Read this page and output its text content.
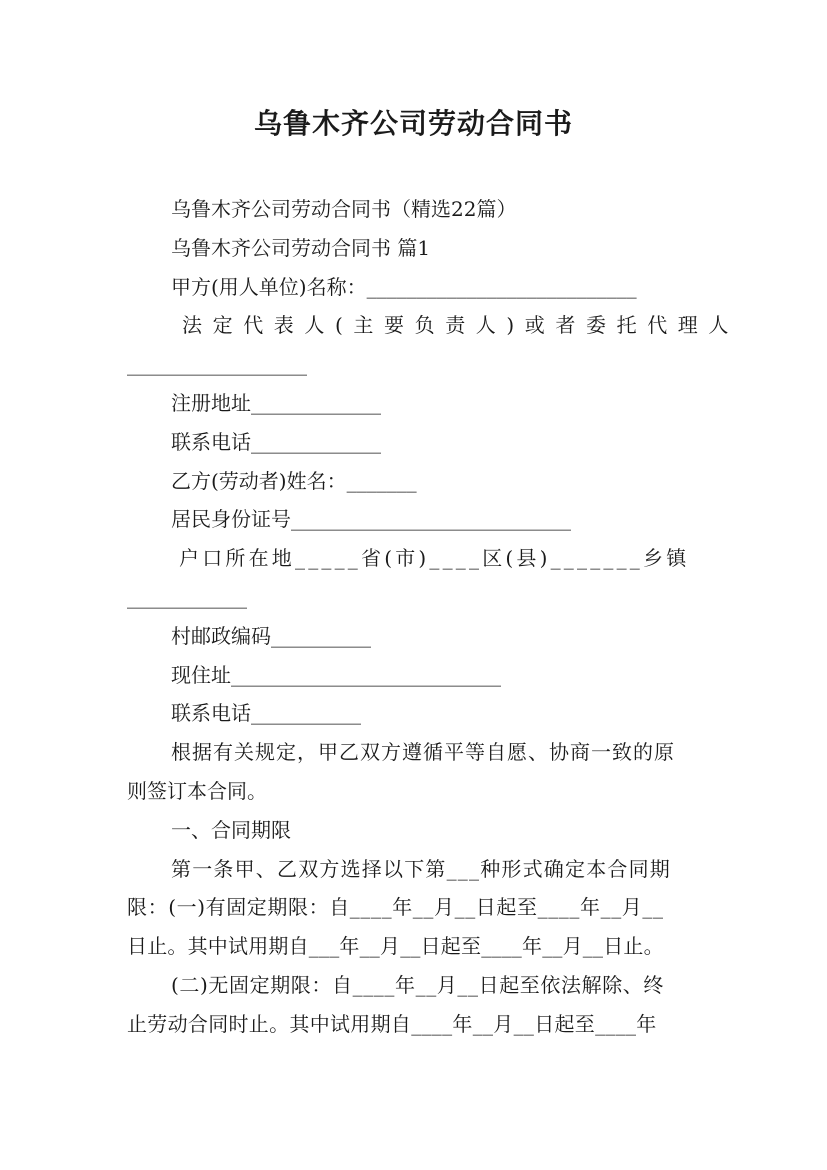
乌鲁木齐公司劳动合同书
乌鲁木齐公司劳动合同书（精选22篇）
乌鲁木齐公司劳动合同书 篇1
甲方(用人单位)名称：___________________________
法定代表人(主要负责人)或者委托代理人
__________________
注册地址_____________
联系电话_____________
乙方(劳动者)姓名：_______
居民身份证号____________________________
户口所在地_____省(市)____区(县)_______乡镇
____________
村邮政编码__________
现住址___________________________
联系电话___________
根据有关规定，甲乙双方遵循平等自愿、协商一致的原
则签订本合同。
一、合同期限
第一条甲、乙双方选择以下第___种形式确定本合同期
限：(一)有固定期限：自____年__月__日起至____年__月__
日止。其中试用期自___年__月__日起至____年__月__日止。
(二)无固定期限：自____年__月__日起至依法解除、终
止劳动合同时止。其中试用期自____年__月__日起至____年
